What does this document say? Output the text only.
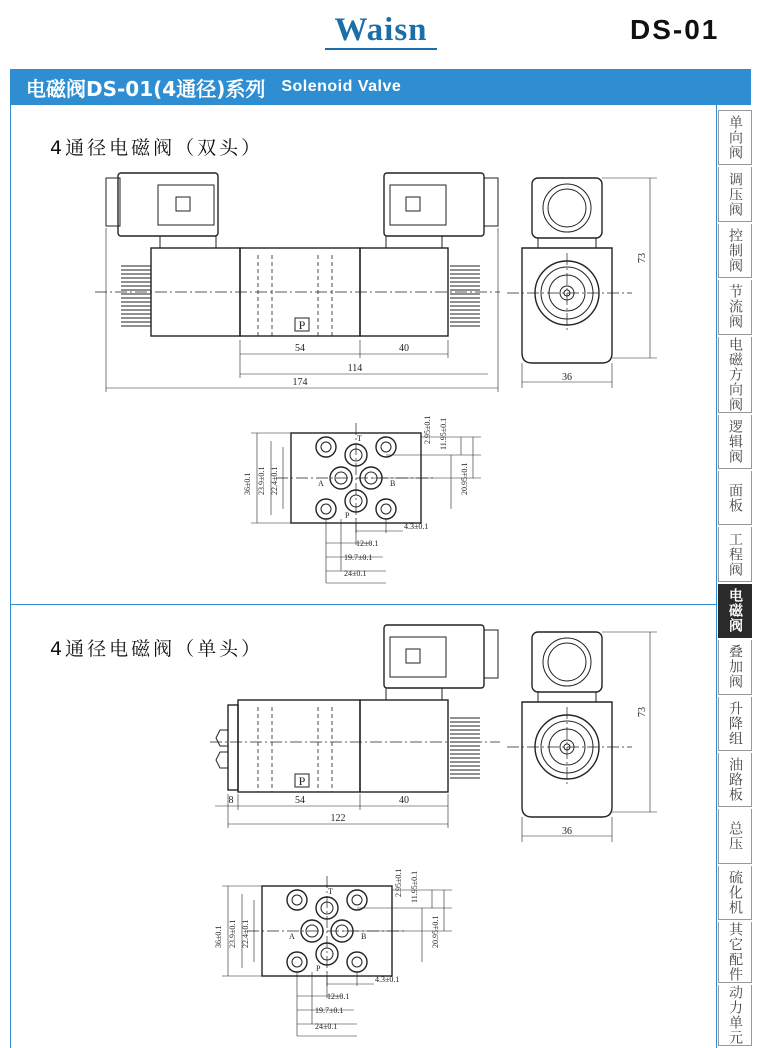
Waisn	DS-01
电磁阀DS-01(4通径)系列 Solenoid Valve
4通径电磁阀（双头）
4通径电磁阀（单头）
54	40
114
174
P
73
36
T
A	B
P
2.95±0.1 11.95±0.1
36±0.1 23.9±0.1 22.4±0.1	20.95±0.1
4.3±0.1
12±0.1
19.7±0.1
24±0.1
8	54	40
122
P
73
36
T
A	B
P
2.95±0.1 11.95±0.1
36±0.1 23.9±0.1 22.4±0.1	20.95±0.1
4.3±0.1
12±0.1
19.7±0.1
24±0.1
单向阀
调压阀
控制阀
节流阀
电磁方向阀
逻辑阀
面板
工程阀
电磁阀
叠加阀
升降组
油路板
总压
硫化机
其它配件
动力单元
